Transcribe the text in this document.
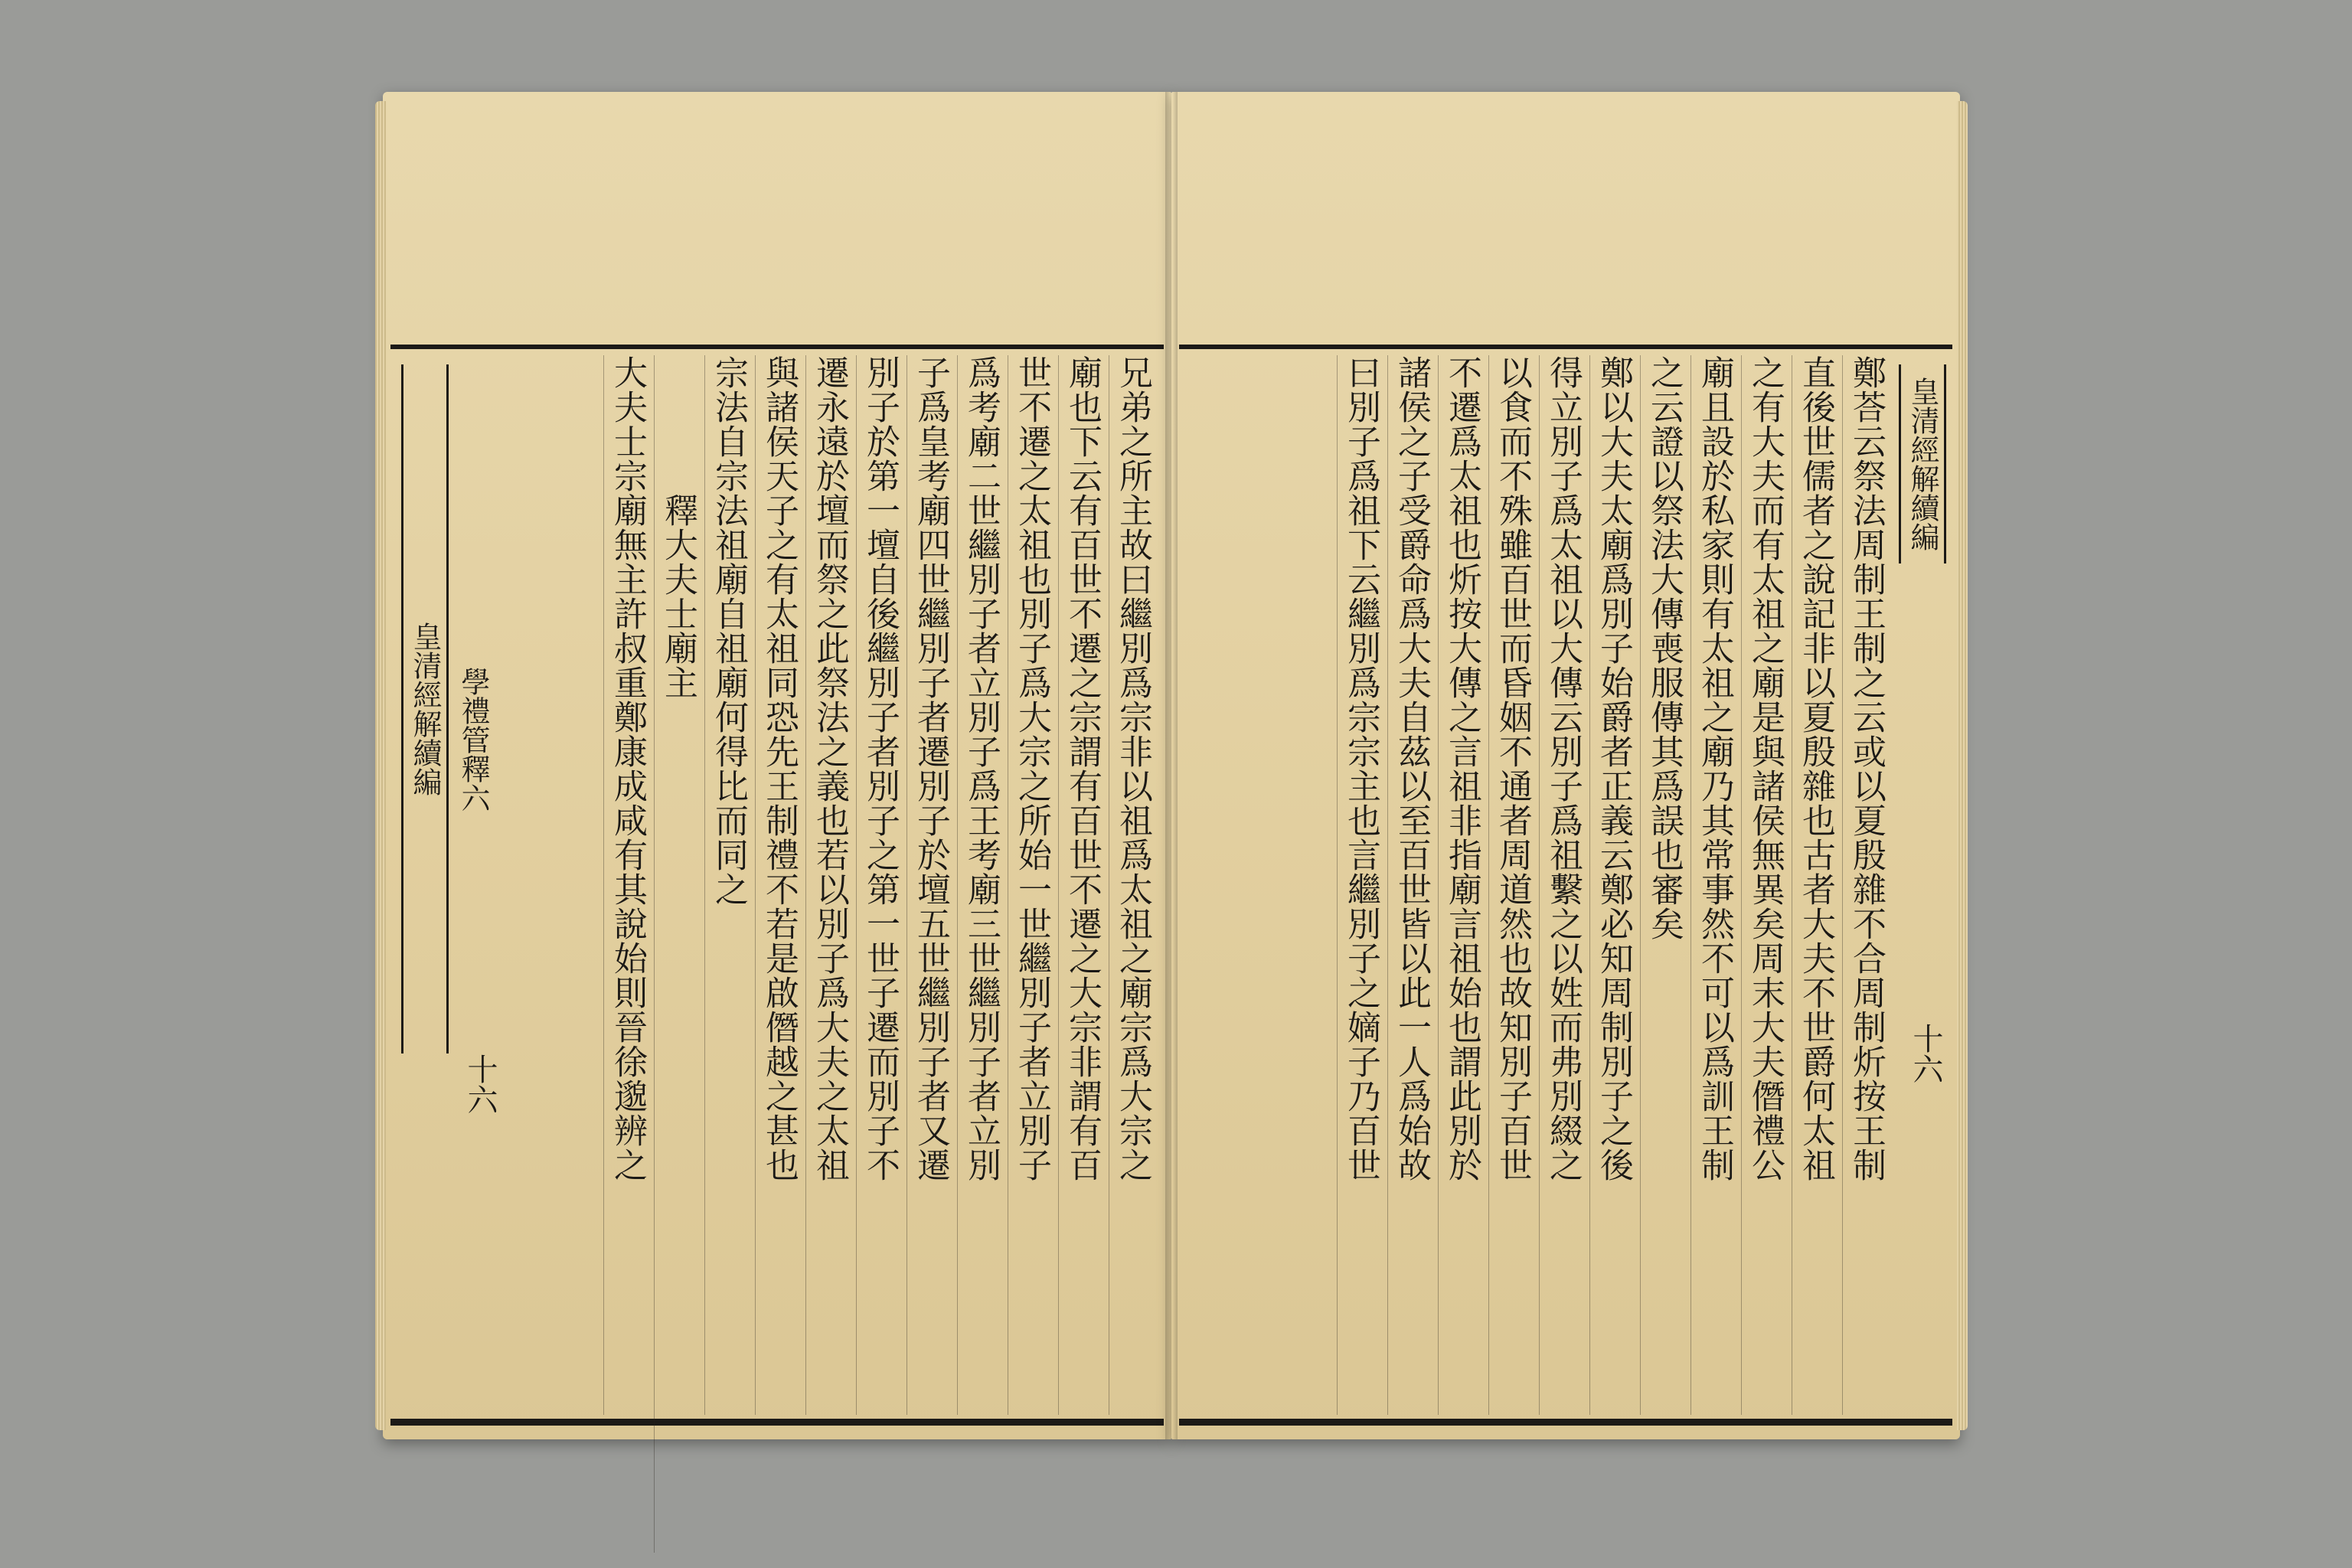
兄弟之所主故曰繼別爲宗非以祖爲太祖之廟宗爲大宗之
廟也下云有百世不遷之宗謂有百世不遷之大宗非謂有百
世不遷之太祖也別子爲大宗之所始一世繼別子者立別子
爲考廟二世繼別子者立別子爲王考廟三世繼別子者立別
子爲皇考廟四世繼別子者遷別子於壇五世繼別子者又遷
別子於第一壇自後繼別子者別子之第一世子遷而別子不
遷永遠於壇而祭之此祭法之義也若以別子爲大夫之太祖
與諸侯天子之有太祖同恐先王制禮不若是啟僭越之甚也
宗法自宗法祖廟自祖廟何得比而同之
釋大夫士廟主
大夫士宗廟無主許叔重鄭康成咸有其說始則晉徐邈辨之
皇清經解續編 學禮管釋六
十六
皇清經解續編
十六
鄭荅云祭法周制王制之云或以夏殷雜不合周制炘按王制
直後世儒者之說記非以夏殷雜也古者大夫不世爵何太祖
之有大夫而有太祖之廟是與諸侯無異矣周末大夫僭禮公
廟且設於私家則有太祖之廟乃其常事然不可以爲訓王制
之云證以祭法大傳喪服傳其爲誤也審矣
鄭以大夫太廟爲別子始爵者正義云鄭必知周制別子之後
得立別子爲太祖以大傳云別子爲祖繫之以姓而弗別綴之
以食而不殊雖百世而昏姻不通者周道然也故知別子百世
不遷爲太祖也炘按大傳之言祖非指廟言祖始也謂此別於
諸侯之子受爵命爲大夫自茲以至百世皆以此一人爲始故
曰別子爲祖下云繼別爲宗宗主也言繼別子之嫡子乃百世
